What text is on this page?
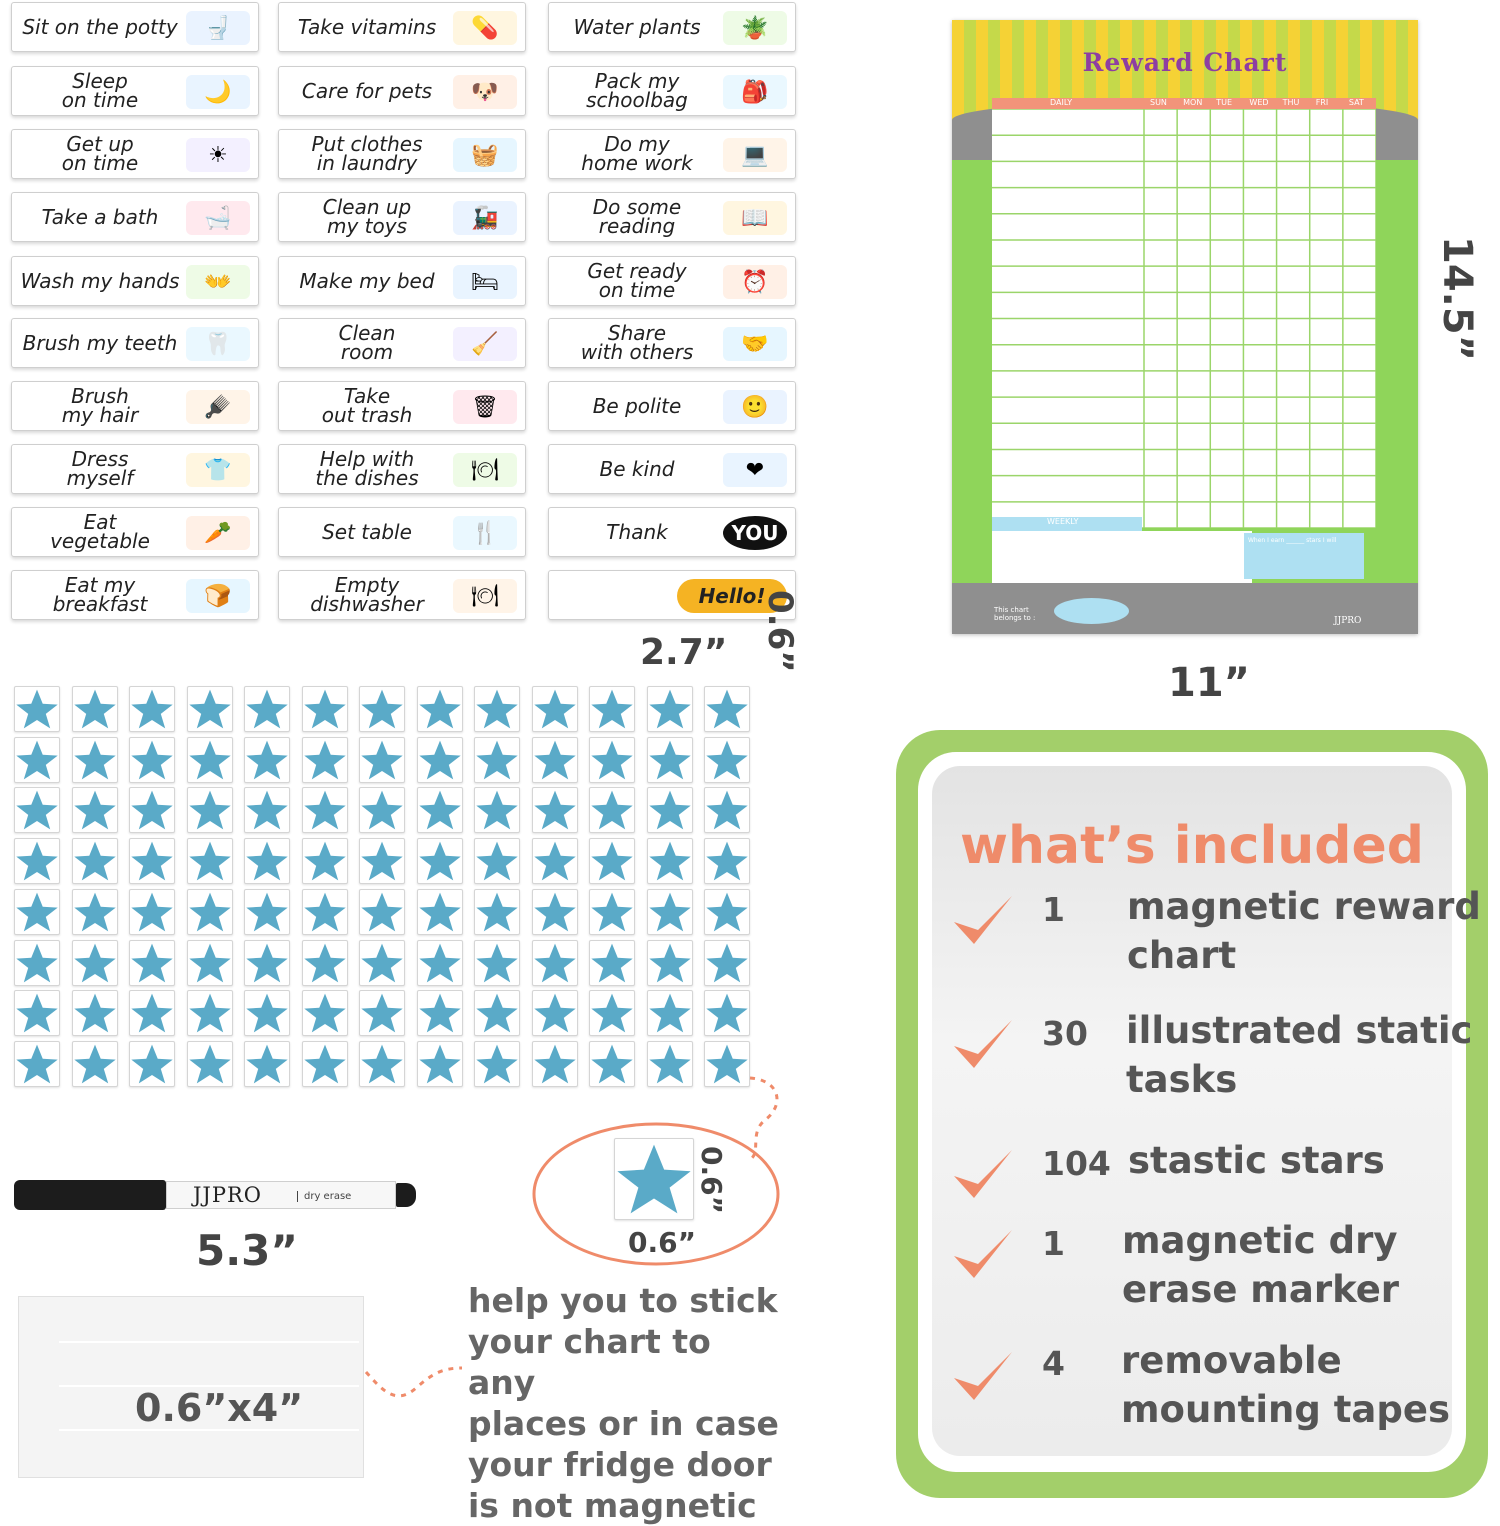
Sit on the potty	🚽	Take vitamins	💊	Water plants	🪴
Sleep
on time	🌙	Care for pets	🐶	Pack my
schoolbag	🎒
Get up
on time	☀	Put clothes
in laundry	🧺	Do my
home work	💻
Take a bath	🛁	Clean up
my toys	🚂	Do some
reading	📖
Wash my hands	👐	Make my bed	🛏	Get ready
on time	⏰
Brush my teeth	🦷	Clean
room	🧹	Share
with others	🤝
Brush
my hair	🪮	Take
out trash	🗑	Be polite	🙂
Dress
myself	👕	Help with
the dishes	🍽	Be kind	❤
Eat
vegetable	🥕	Set table	🍴	Thank	YOU
Eat my
breakfast	🍞	Empty
dishwasher	🍽	Hello!
2.7” 0.6”
Reward Chart
DAILY	SUN MON TUE WED THU FRI	SAT
WEEKLY
When I earn ______ stars I will
This chart
belongs to :	JJPRO
11”
14.5”
0.6”
0.6”
JJPRO	dry erase
5.3”
0.6”x4”
help you to stick
your chart to any
places or in case
your fridge door
is not magnetic
what’s included
1 magnetic reward
chart
30 illustrated static
tasks
104 stastic stars
1 magnetic dry
erase marker
4 removable
mounting tapes
